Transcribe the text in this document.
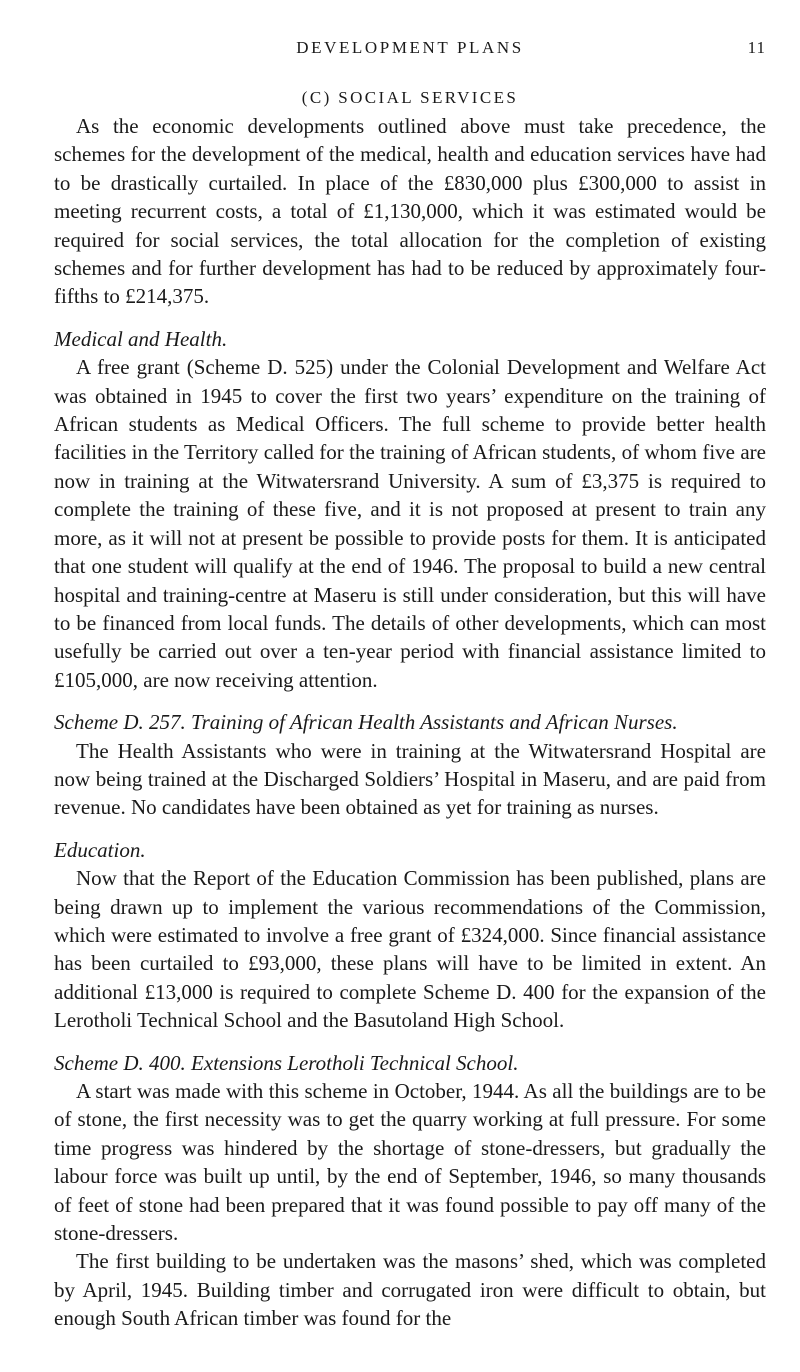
DEVELOPMENT PLANS	11
(C) SOCIAL SERVICES

As the economic developments outlined above must take precedence, the schemes for the development of the medical, health and education services have had to be drastically curtailed. In place of the £830,000 plus £300,000 to assist in meeting recurrent costs, a total of £1,130,000, which it was estimated would be required for social services, the total allocation for the completion of existing schemes and for further development has had to be reduced by approximately four-fifths to £214,375.

Medical and Health.

A free grant (Scheme D. 525) under the Colonial Development and Welfare Act was obtained in 1945 to cover the first two years’ expenditure on the training of African students as Medical Officers. The full scheme to provide better health facilities in the Territory called for the training of African students, of whom five are now in training at the Witwatersrand University. A sum of £3,375 is required to complete the training of these five, and it is not proposed at present to train any more, as it will not at present be possible to provide posts for them. It is anticipated that one student will qualify at the end of 1946. The proposal to build a new central hospital and training-centre at Maseru is still under consideration, but this will have to be financed from local funds. The details of other developments, which can most usefully be carried out over a ten-year period with financial assistance limited to £105,000, are now receiving attention.

Scheme D. 257. Training of African Health Assistants and African Nurses.

The Health Assistants who were in training at the Witwatersrand Hospital are now being trained at the Discharged Soldiers’ Hospital in Maseru, and are paid from revenue. No candidates have been obtained as yet for training as nurses.

Education.

Now that the Report of the Education Commission has been published, plans are being drawn up to implement the various recommendations of the Commission, which were estimated to involve a free grant of £324,000. Since financial assistance has been curtailed to £93,000, these plans will have to be limited in extent. An additional £13,000 is required to complete Scheme D. 400 for the expansion of the Lerotholi Technical School and the Basutoland High School.

Scheme D. 400. Extensions Lerotholi Technical School.

A start was made with this scheme in October, 1944. As all the buildings are to be of stone, the first necessity was to get the quarry working at full pressure. For some time progress was hindered by the shortage of stone-dressers, but gradually the labour force was built up until, by the end of September, 1946, so many thousands of feet of stone had been prepared that it was found possible to pay off many of the stone-dressers.

The first building to be undertaken was the masons’ shed, which was completed by April, 1945. Building timber and corrugated iron were difficult to obtain, but enough South African timber was found for the
